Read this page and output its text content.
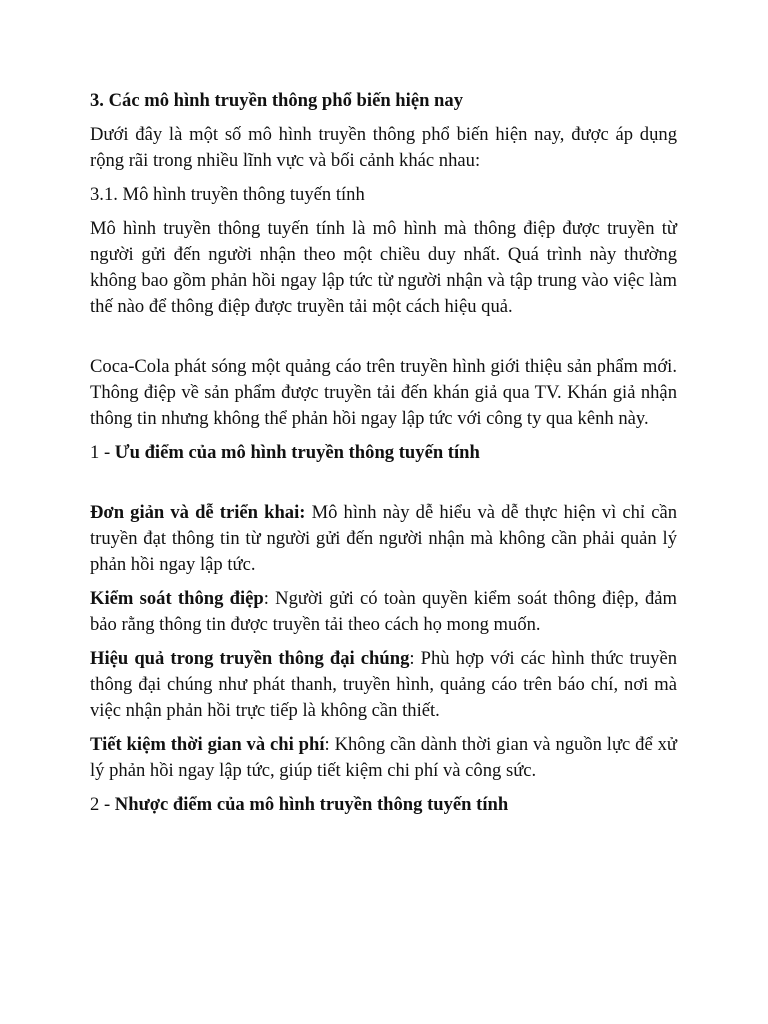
3. Các mô hình truyền thông phổ biến hiện nay

Dưới đây là một số mô hình truyền thông phổ biến hiện nay, được áp dụng rộng rãi trong nhiều lĩnh vực và bối cảnh khác nhau:

3.1. Mô hình truyền thông tuyến tính

Mô hình truyền thông tuyến tính là mô hình mà thông điệp được truyền từ người gửi đến người nhận theo một chiều duy nhất. Quá trình này thường không bao gồm phản hồi ngay lập tức từ người nhận và tập trung vào việc làm thế nào để thông điệp được truyền tải một cách hiệu quả.

Coca-Cola phát sóng một quảng cáo trên truyền hình giới thiệu sản phẩm mới. Thông điệp về sản phẩm được truyền tải đến khán giả qua TV. Khán giả nhận thông tin nhưng không thể phản hồi ngay lập tức với công ty qua kênh này.

1 - Ưu điểm của mô hình truyền thông tuyến tính

Đơn giản và dễ triển khai: Mô hình này dễ hiểu và dễ thực hiện vì chỉ cần truyền đạt thông tin từ người gửi đến người nhận mà không cần phải quản lý phản hồi ngay lập tức.

Kiểm soát thông điệp: Người gửi có toàn quyền kiểm soát thông điệp, đảm bảo rằng thông tin được truyền tải theo cách họ mong muốn.

Hiệu quả trong truyền thông đại chúng: Phù hợp với các hình thức truyền thông đại chúng như phát thanh, truyền hình, quảng cáo trên báo chí, nơi mà việc nhận phản hồi trực tiếp là không cần thiết.

Tiết kiệm thời gian và chi phí: Không cần dành thời gian và nguồn lực để xử lý phản hồi ngay lập tức, giúp tiết kiệm chi phí và công sức.

2 - Nhược điểm của mô hình truyền thông tuyến tính
